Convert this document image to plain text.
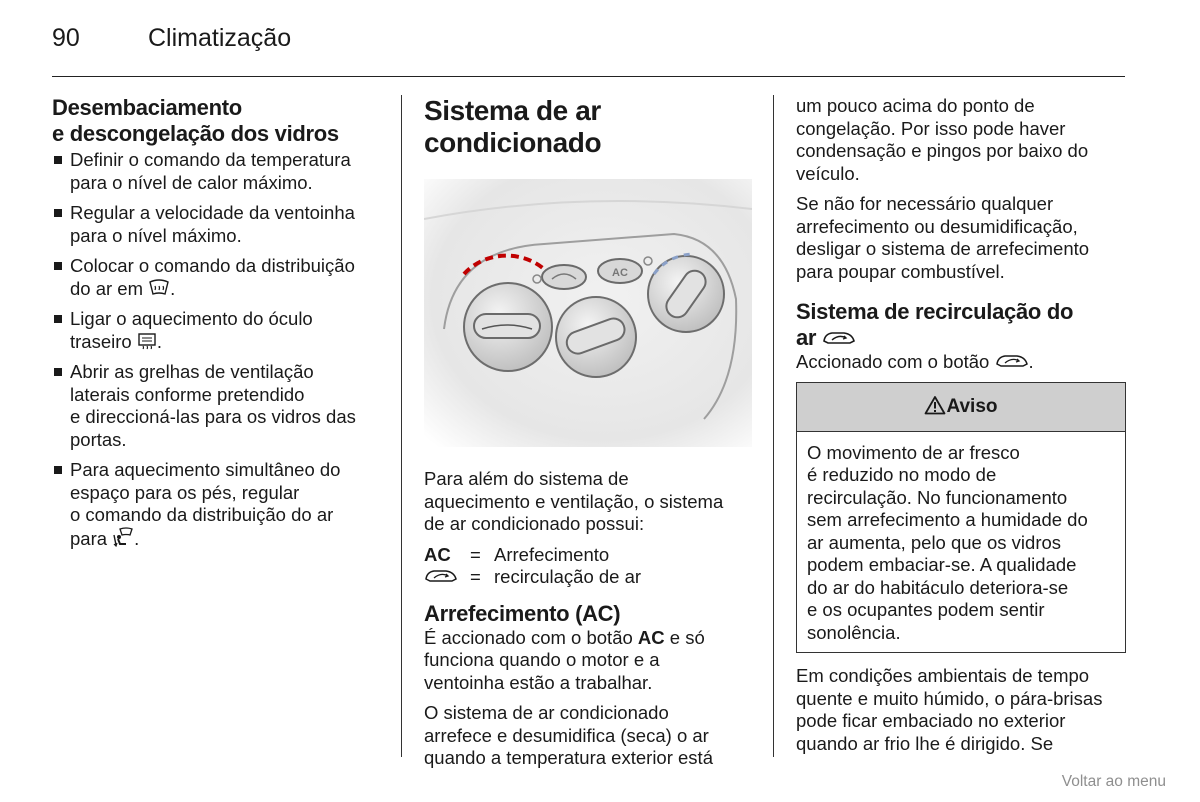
90	Climatização
Desembaciamento
e descongelação dos vidros
Definir o comando da temperatura
para o nível de calor máximo.
Regular a velocidade da ventoinha
para o nível máximo.
Colocar o comando da distribuição
do ar em .
Ligar o aquecimento do óculo
traseiro .
Abrir as grelhas de ventilação
laterais conforme pretendido
e direccioná-las para os vidros das
portas.
Para aquecimento simultâneo do
espaço para os pés, regular
o comando da distribuição do ar
para .
Sistema de ar
condicionado
AC
Para além do sistema de
aquecimento e ventilação, o sistema
de ar condicionado possui:
AC = Arrefecimento
= recirculação de ar
Arrefecimento (AC)
É accionado com o botão AC e só
funciona quando o motor e a
ventoinha estão a trabalhar.
O sistema de ar condicionado
arrefece e desumidifica (seca) o ar
quando a temperatura exterior está
um pouco acima do ponto de
congelação. Por isso pode haver
condensação e pingos por baixo do
veículo.
Se não for necessário qualquer
arrefecimento ou desumidificação,
desligar o sistema de arrefecimento
para poupar combustível.
Sistema de recirculação do
ar
Accionado com o botão .
Aviso
O movimento de ar fresco
é reduzido no modo de
recirculação. No funcionamento
sem arrefecimento a humidade do
ar aumenta, pelo que os vidros
podem embaciar-se. A qualidade
do ar do habitáculo deteriora-se
e os ocupantes podem sentir
sonolência.
Em condições ambientais de tempo
quente e muito húmido, o pára-brisas
pode ficar embaciado no exterior
quando ar frio lhe é dirigido. Se
Voltar ao menu
